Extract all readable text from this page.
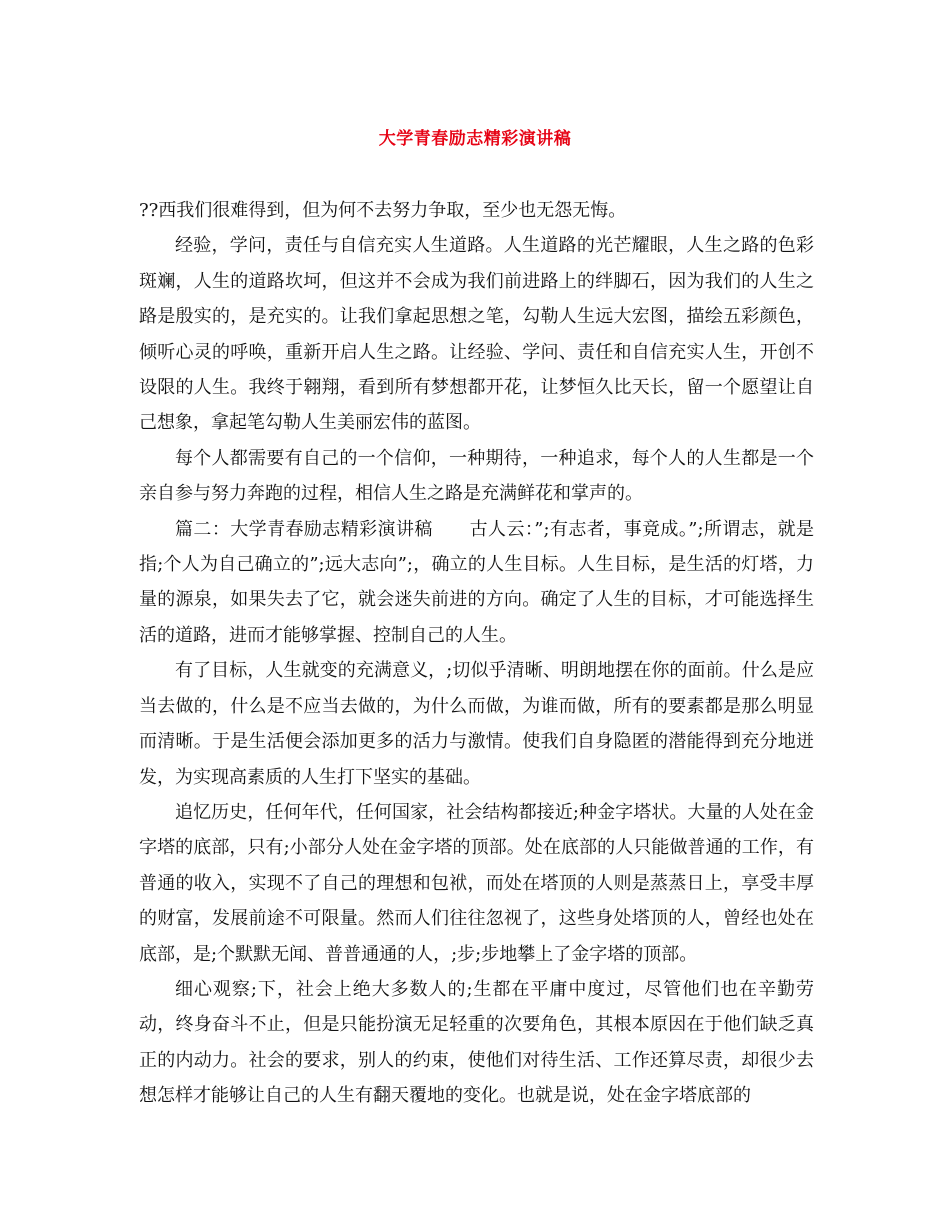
大学青春励志精彩演讲稿

??西我们很难得到，但为何不去努力争取，至少也无怨无悔。

经验，学问，责任与自信充实人生道路。人生道路的光芒耀眼，人生之路的色彩斑斓，人生的道路坎坷，但这并不会成为我们前进路上的绊脚石，因为我们的人生之路是殷实的，是充实的。让我们拿起思想之笔，勾勒人生远大宏图，描绘五彩颜色，倾听心灵的呼唤，重新开启人生之路。让经验、学问、责任和自信充实人生，开创不设限的人生。我终于翱翔，看到所有梦想都开花，让梦恒久比天长，留一个愿望让自己想象，拿起笔勾勒人生美丽宏伟的蓝图。

每个人都需要有自己的一个信仰，一种期待，一种追求，每个人的人生都是一个亲自参与努力奔跑的过程，相信人生之路是充满鲜花和掌声的。

篇二：大学青春励志精彩演讲稿　　古人云：”;有志者，事竟成。”;所谓志，就是指;个人为自己确立的”;远大志向”;，确立的人生目标。人生目标，是生活的灯塔，力量的源泉，如果失去了它，就会迷失前进的方向。确定了人生的目标，才可能选择生活的道路，进而才能够掌握、控制自己的人生。

有了目标，人生就变的充满意义，;切似乎清晰、明朗地摆在你的面前。什么是应当去做的，什么是不应当去做的，为什么而做，为谁而做，所有的要素都是那么明显而清晰。于是生活便会添加更多的活力与激情。使我们自身隐匿的潜能得到充分地迸发，为实现高素质的人生打下坚实的基础。

追忆历史，任何年代，任何国家，社会结构都接近;种金字塔状。大量的人处在金字塔的底部，只有;小部分人处在金字塔的顶部。处在底部的人只能做普通的工作，有普通的收入，实现不了自己的理想和包袱，而处在塔顶的人则是蒸蒸日上，享受丰厚的财富，发展前途不可限量。然而人们往往忽视了，这些身处塔顶的人，曾经也处在底部，是;个默默无闻、普普通通的人，;步;步地攀上了金字塔的顶部。

细心观察;下，社会上绝大多数人的;生都在平庸中度过，尽管他们也在辛勤劳动，终身奋斗不止，但是只能扮演无足轻重的次要角色，其根本原因在于他们缺乏真正的内动力。社会的要求，别人的约束，使他们对待生活、工作还算尽责，却很少去想怎样才能够让自己的人生有翻天覆地的变化。也就是说，处在金字塔底部的
